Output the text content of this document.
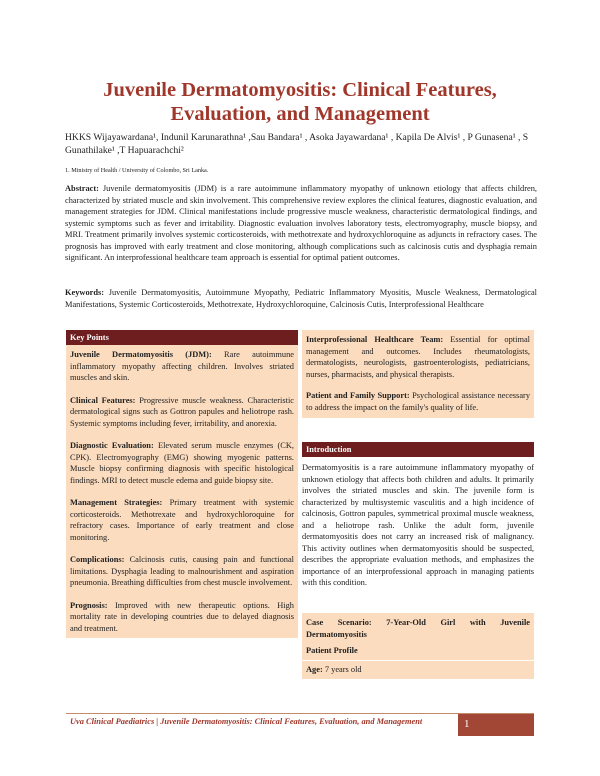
Juvenile Dermatomyositis: Clinical Features,
Evaluation, and Management
HKKS Wijayawardana¹, Indunil Karunarathna¹ ,Sau Bandara¹ , Asoka Jayawardana¹ , Kapila De Alvis¹ , P Gunasena¹ , S Gunathilake¹ ,T Hapuarachchi²
1. Ministry of Health / University of Colombo, Sri Lanka.
Abstract: Juvenile dermatomyositis (JDM) is a rare autoimmune inflammatory myopathy of unknown etiology that affects children, characterized by striated muscle and skin involvement. This comprehensive review explores the clinical features, diagnostic evaluation, and management strategies for JDM. Clinical manifestations include progressive muscle weakness, characteristic dermatological findings, and systemic symptoms such as fever and irritability. Diagnostic evaluation involves laboratory tests, electromyography, muscle biopsy, and MRI. Treatment primarily involves systemic corticosteroids, with methotrexate and hydroxychloroquine as adjuncts in refractory cases. The prognosis has improved with early treatment and close monitoring, although complications such as calcinosis cutis and dysphagia remain significant. An interprofessional healthcare team approach is essential for optimal patient outcomes.
Keywords: Juvenile Dermatomyositis, Autoimmune Myopathy, Pediatric Inflammatory Myositis, Muscle Weakness, Dermatological Manifestations, Systemic Corticosteroids, Methotrexate, Hydroxychloroquine, Calcinosis Cutis, Interprofessional Healthcare
Key Points

Juvenile Dermatomyositis (JDM): Rare autoimmune inflammatory myopathy affecting children. Involves striated muscles and skin.

Clinical Features: Progressive muscle weakness. Characteristic dermatological signs such as Gottron papules and heliotrope rash. Systemic symptoms including fever, irritability, and anorexia.

Diagnostic Evaluation: Elevated serum muscle enzymes (CK, CPK). Electromyography (EMG) showing myogenic patterns. Muscle biopsy confirming diagnosis with specific histological findings. MRI to detect muscle edema and guide biopsy site.

Management Strategies: Primary treatment with systemic corticosteroids. Methotrexate and hydroxychloroquine for refractory cases. Importance of early treatment and close monitoring.

Complications: Calcinosis cutis, causing pain and functional limitations. Dysphagia leading to malnourishment and aspiration pneumonia. Breathing difficulties from chest muscle involvement.

Prognosis: Improved with new therapeutic options. High mortality rate in developing countries due to delayed diagnosis and treatment.

Interprofessional Healthcare Team: Essential for optimal management and outcomes. Includes rheumatologists, dermatologists, neurologists, gastroenterologists, pediatricians, nurses, pharmacists, and physical therapists.

Patient and Family Support: Psychological assistance necessary to address the impact on the family's quality of life.

Introduction
Dermatomyositis is a rare autoimmune inflammatory myopathy of unknown etiology that affects both children and adults. It primarily involves the striated muscles and skin. The juvenile form is characterized by multisystemic vasculitis and a high incidence of calcinosis, Gottron papules, symmetrical proximal muscle weakness, and a heliotrope rash. Unlike the adult form, juvenile dermatomyositis does not carry an increased risk of malignancy. This activity outlines when dermatomyositis should be suspected, describes the appropriate evaluation methods, and emphasizes the importance of an interprofessional approach in managing patients with this condition.
Case Scenario: 7-Year-Old Girl with Juvenile Dermatomyositis
Patient Profile
Age: 7 years old
Uva Clinical Paediatrics | Juvenile Dermatomyositis: Clinical Features, Evaluation, and Management	1
